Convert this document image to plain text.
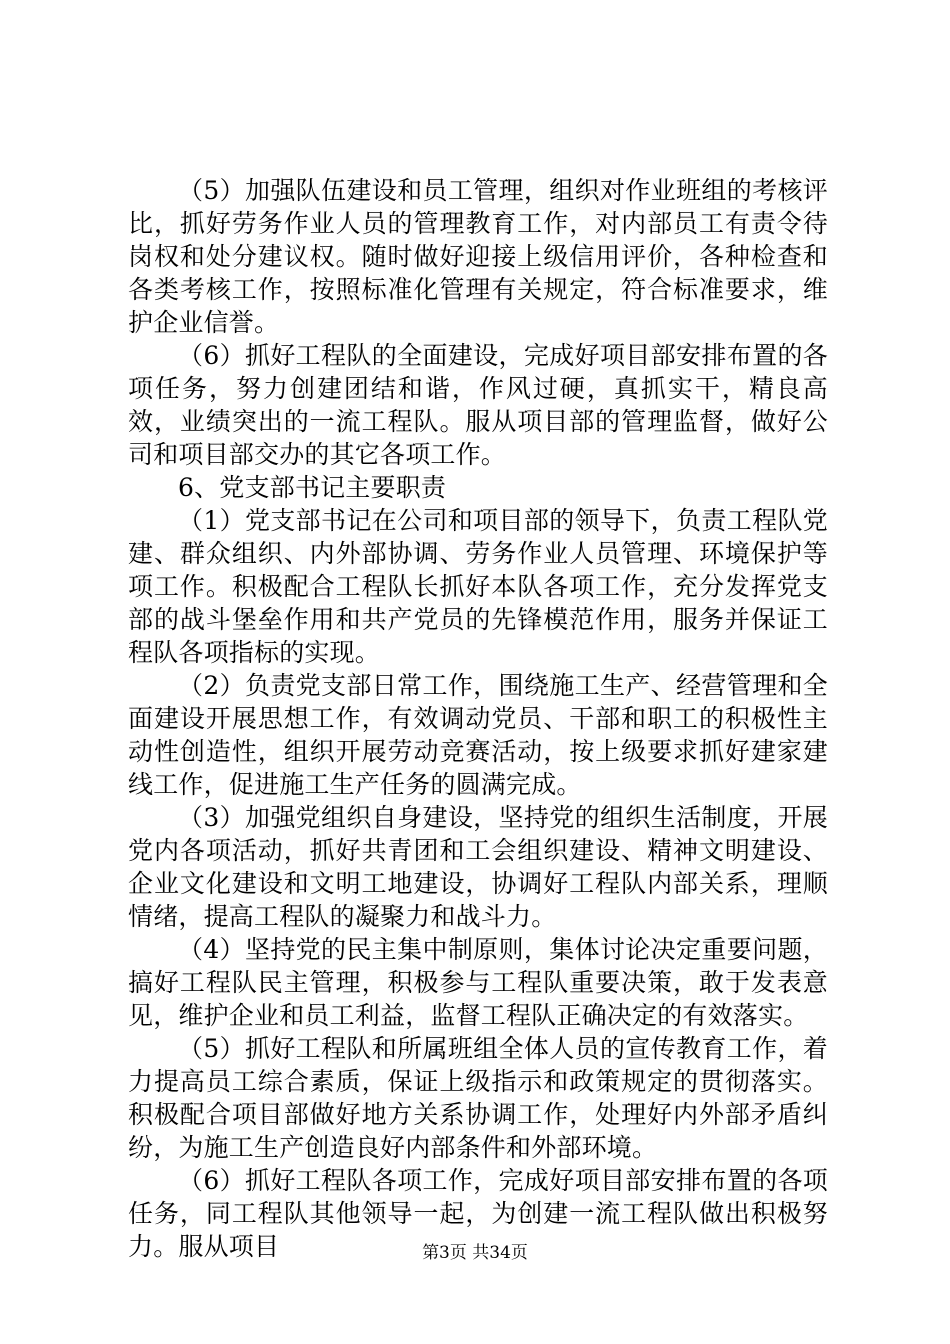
（5）加强队伍建设和员工管理，组织对作业班组的考核评比，抓好劳务作业人员的管理教育工作，对内部员工有责令待岗权和处分建议权。随时做好迎接上级信用评价，各种检查和各类考核工作，按照标准化管理有关规定，符合标准要求，维护企业信誉。

（6）抓好工程队的全面建设，完成好项目部安排布置的各项任务，努力创建团结和谐，作风过硬，真抓实干，精良高效，业绩突出的一流工程队。服从项目部的管理监督，做好公司和项目部交办的其它各项工作。

6、党支部书记主要职责

（1）党支部书记在公司和项目部的领导下，负责工程队党建、群众组织、内外部协调、劳务作业人员管理、环境保护等项工作。积极配合工程队长抓好本队各项工作，充分发挥党支部的战斗堡垒作用和共产党员的先锋模范作用，服务并保证工程队各项指标的实现。

（2）负责党支部日常工作，围绕施工生产、经营管理和全面建设开展思想工作，有效调动党员、干部和职工的积极性主动性创造性，组织开展劳动竞赛活动，按上级要求抓好建家建线工作，促进施工生产任务的圆满完成。

（3）加强党组织自身建设，坚持党的组织生活制度，开展党内各项活动，抓好共青团和工会组织建设、精神文明建设、企业文化建设和文明工地建设，协调好工程队内部关系，理顺情绪，提高工程队的凝聚力和战斗力。

（4）坚持党的民主集中制原则，集体讨论决定重要问题，搞好工程队民主管理，积极参与工程队重要决策，敢于发表意见，维护企业和员工利益，监督工程队正确决定的有效落实。

（5）抓好工程队和所属班组全体人员的宣传教育工作，着力提高员工综合素质，保证上级指示和政策规定的贯彻落实。积极配合项目部做好地方关系协调工作，处理好内外部矛盾纠纷，为施工生产创造良好内部条件和外部环境。

（6）抓好工程队各项工作，完成好项目部安排布置的各项任务，同工程队其他领导一起，为创建一流工程队做出积极努力。服从项目	第3页 共34页
